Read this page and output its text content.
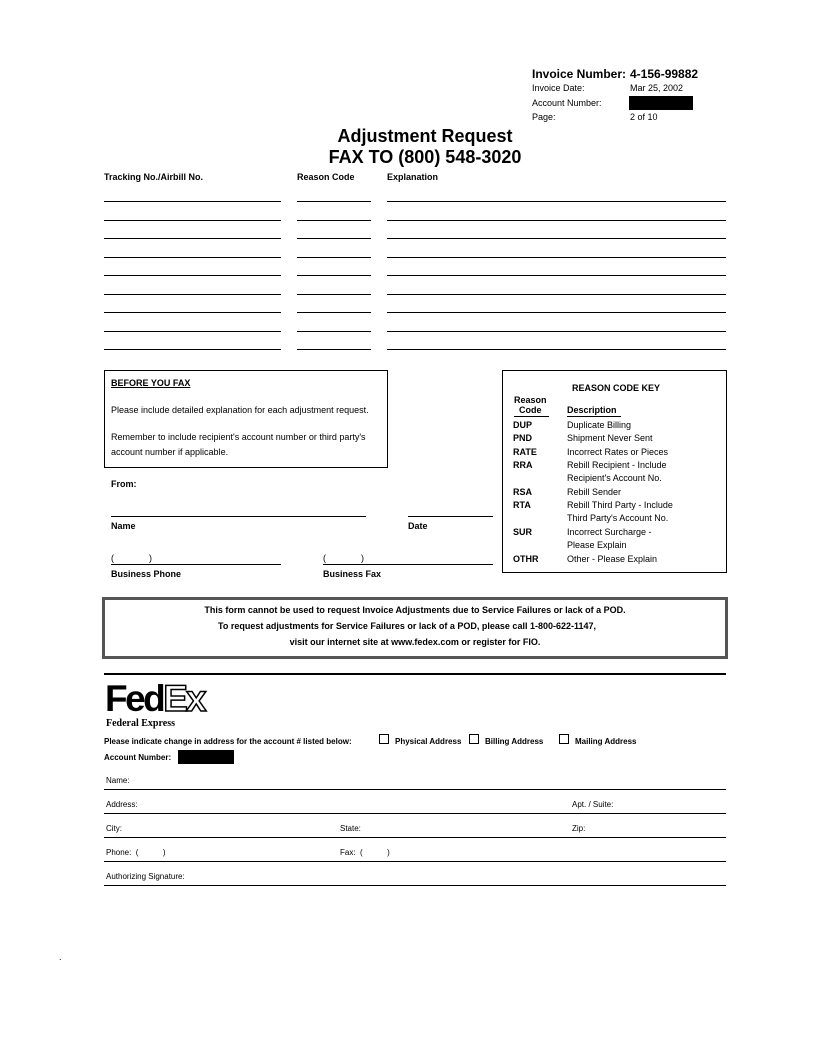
Invoice Number: 4-156-99882
Invoice Date:	Mar 25, 2002
Account Number:
Page:	2 of 10
Adjustment Request
FAX TO (800) 548-3020
Tracking No./Airbill No.	Reason Code	Explanation
BEFORE YOU FAX
Please include detailed explanation for each adjustment request.
Remember to include recipient's account number or third party's
account number if applicable.
From:
Name	Date
(              )	(              )
Business Phone	Business Fax
REASON CODE KEY
Reason
Code	Description
DUP	Duplicate Billing
PND	Shipment Never Sent
RATE	Incorrect Rates or Pieces
RRA	Rebill Recipient - Include
Recipient's Account No.
RSA	Rebill Sender
RTA	Rebill Third Party - Include
Third Party's Account No.
SUR	Incorrect Surcharge -
Please Explain
OTHR	Other - Please Explain
This form cannot be used to request Invoice Adjustments due to Service Failures or lack of a POD.
To request adjustments for Service Failures or lack of a POD, please call 1-800-622-1147,
visit our internet site at www.fedex.com or register for FIO.
FedEx
Federal Express
Please indicate change in address for the account # listed below:	Physical Address	Billing Address	Mailing Address
Account Number:
Name:
Address:	Apt. / Suite:
City:	State:	Zip:
Phone:  (           )	Fax:  (           )
Authorizing Signature:
.
